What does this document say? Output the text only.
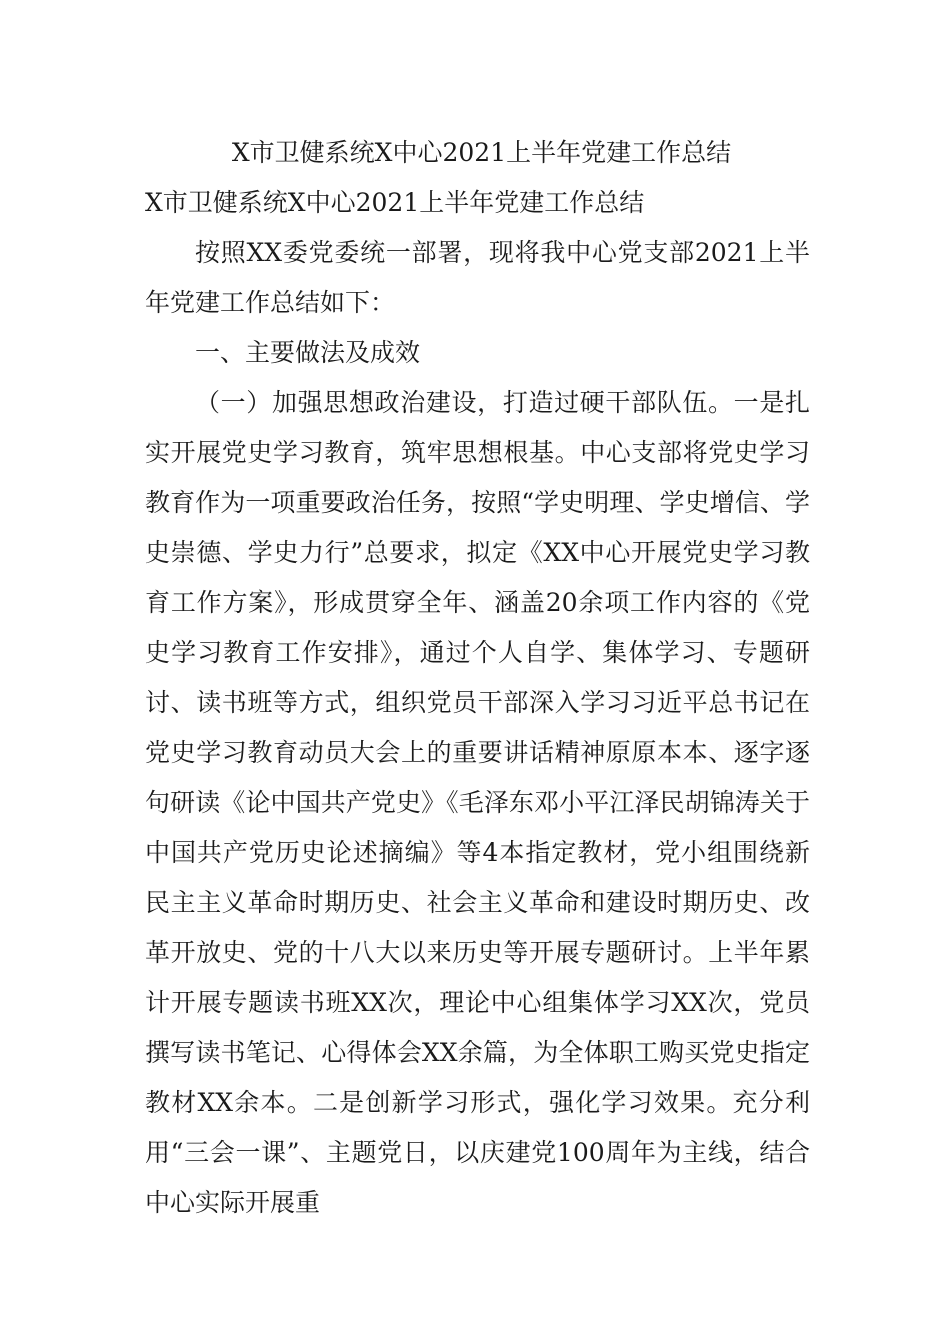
X市卫健系统X中心2021上半年党建工作总结
X市卫健系统X中心2021上半年党建工作总结

按照XX委党委统一部署，现将我中心党支部2021上半年党建工作总结如下：

一、主要做法及成效

（一）加强思想政治建设，打造过硬干部队伍。一是扎实开展党史学习教育，筑牢思想根基。中心支部将党史学习教育作为一项重要政治任务，按照“学史明理、学史增信、学史崇德、学史力行”总要求，拟定《XX中心开展党史学习教育工作方案》，形成贯穿全年、涵盖20余项工作内容的《党史学习教育工作安排》，通过个人自学、集体学习、专题研讨、读书班等方式，组织党员干部深入学习习近平总书记在党史学习教育动员大会上的重要讲话精神原原本本、逐字逐句研读《论中国共产党史》《毛泽东邓小平江泽民胡锦涛关于中国共产党历史论述摘编》等4本指定教材，党小组围绕新民主主义革命时期历史、社会主义革命和建设时期历史、改革开放史、党的十八大以来历史等开展专题研讨。上半年累计开展专题读书班XX次，理论中心组集体学习XX次，党员撰写读书笔记、心得体会XX余篇，为全体职工购买党史指定教材XX余本。二是创新学习形式，强化学习效果。充分利用“三会一课”、主题党日，以庆建党100周年为主线，结合中心实际开展重
